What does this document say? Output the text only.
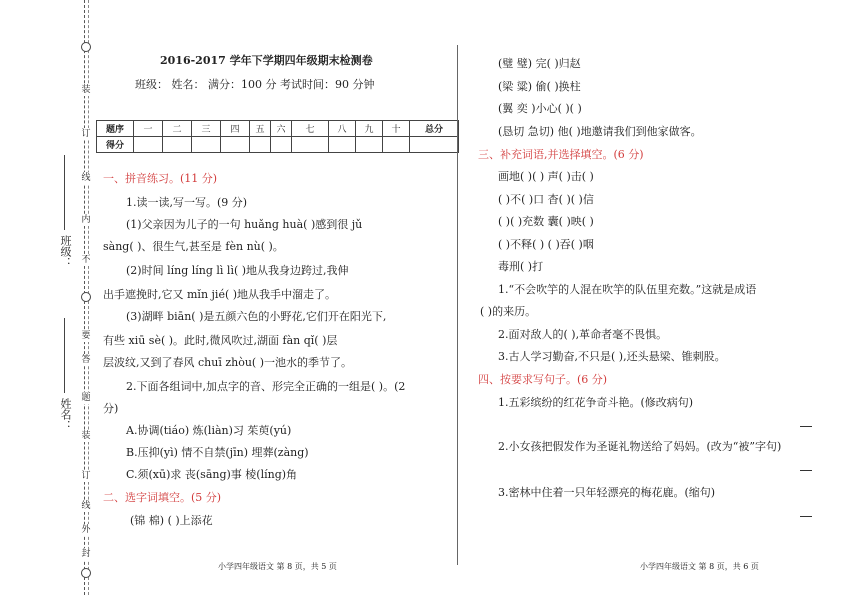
装
订
线
内
不
要
答
题
装
订
线
外
封
班级：
姓名：
2016-2017 学年下学期四年级期末检测卷
班级： 姓名： 满分：100 分 考试时间：90 分钟
题序	一	二	三	四	五	六	七	八	九	十	总分
得分											
一、拼音练习。(11 分)
1.读一读,写一写。(9 分)
(1)父亲因为儿子的一句 huǎng huà( )感到很 jǔ
sàng( )、很生气,甚至是 fèn nù( )。
(2)时间 líng líng lì lì( )地从我身边跨过,我伸
出手遮挽时,它又 mǐn jié( )地从我手中溜走了。
(3)湖畔 biān( )是五颜六色的小野花,它们开在阳光下,
有些 xiū sè( )。此时,微风吹过,湖面 fàn qǐ( )层
层波纹,又到了春风 chuī zhòu( )一池水的季节了。
2.下面各组词中,加点字的音、形完全正确的一组是( )。(2
分)
A.协调(tiáo) 炼(liàn)习 茱萸(yú)
B.压抑(yì) 情不自禁(jīn) 埋葬(zàng)
C.须(xū)求 丧(sāng)事 棱(líng)角
二、选字词填空。(5 分)
(锦 棉) ( )上添花
(璧 璧) 完( )归赵
(梁 粱) 偷( )换柱
(翼 奕 )小心( )( )
(恳切 急切) 他( )地邀请我们到他家做客。
三、补充词语,并选择填空。(6 分)
画地( )( ) 声( )击( )
( )不( )口 杳( )( )信
( )( )充数 囊( )映( )
( )不释( ) ( )吞( )咽
毒刑( )打
1.“不会吹竽的人混在吹竽的队伍里充数。”这就是成语
( )的来历。
2.面对敌人的( ),革命者毫不畏惧。
3.古人学习勤奋,不只是( ),还头悬梁、锥刺股。
四、按要求写句子。(6 分)
1.五彩缤纷的红花争奇斗艳。(修改病句)
2.小女孩把假发作为圣诞礼物送给了妈妈。(改为“被”字句)
3.密林中住着一只年轻漂亮的梅花鹿。(缩句)
小学四年级语文 第 8 页，共 5 页	小学四年级语文 第 8 页，共 6 页
